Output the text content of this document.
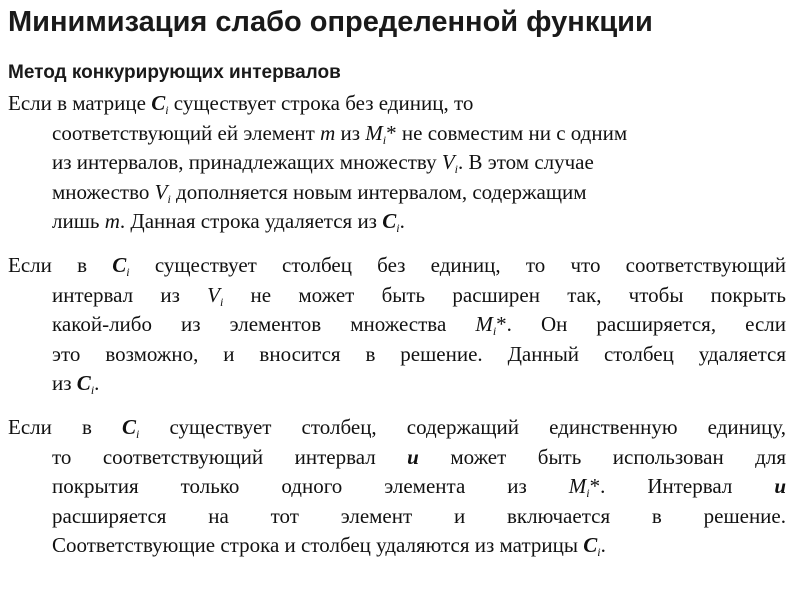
Минимизация слабо определенной функции
Метод конкурирующих интервалов
Если в матрице $C_i$ существует строка без единиц, то
соответствующий ей элемент m из $M_i*$ не совместим ни с одним
из интервалов, принадлежащих множеству $V_i$. В этом случае
множество $V_i$ дополняется новым интервалом, содержащим
лишь m. Данная строка удаляется из $C_i$.
Если в $C_i$ существует столбец без единиц, то что соответствующий
интервал из $V_i$ не может быть расширен так, чтобы покрыть
какой-либо из элементов множества $M_i*$. Он расширяется, если
это возможно, и вносится в решение. Данный столбец удаляется
из $C_i$.
Если в $C_i$ существует столбец, содержащий единственную единицу,
то соответствующий интервал u может быть использован для
покрытия только одного элемента из $M_i*$. Интервал u
расширяется на тот элемент и включается в решение.
Соответствующие строка и столбец удаляются из матрицы $C_i$.
